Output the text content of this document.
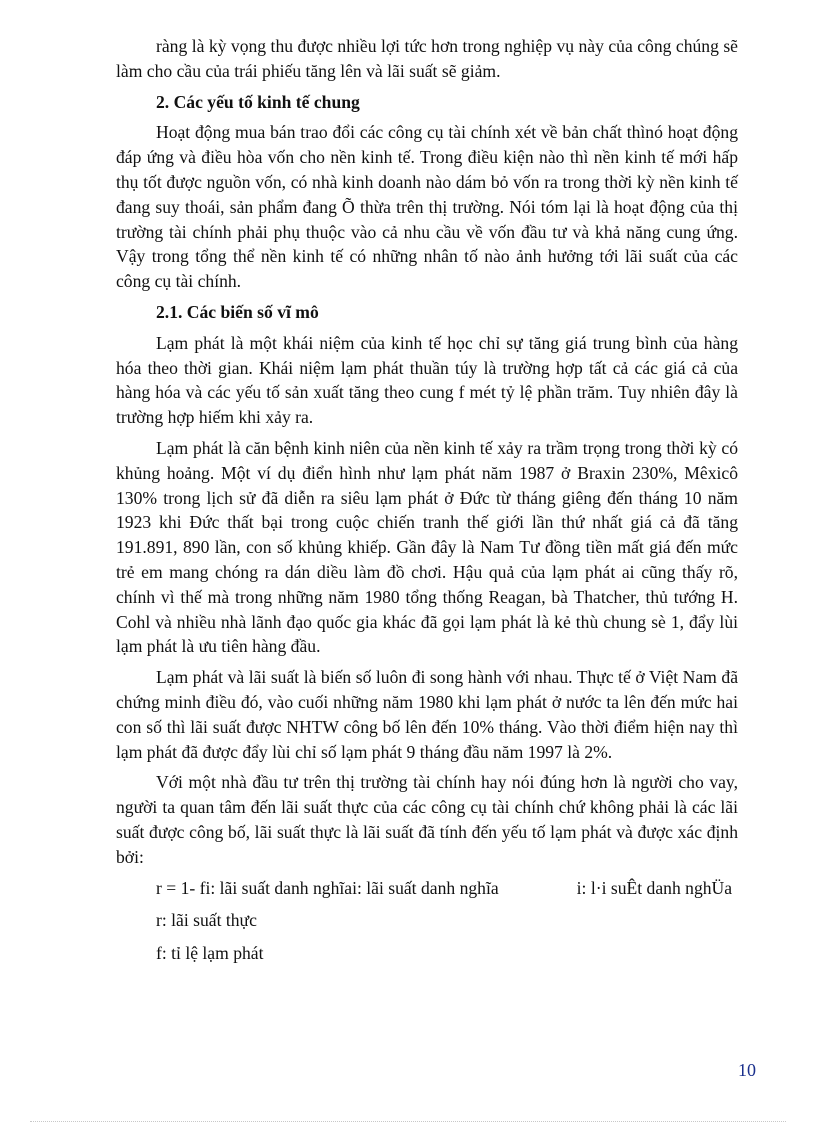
ràng là kỳ vọng thu được nhiều lợi tức hơn trong nghiệp vụ này của công chúng sẽ làm cho cầu của trái phiếu tăng lên và lãi suất sẽ giảm.

2. Các yếu tố kinh tế chung

Hoạt động mua bán trao đổi các công cụ tài chính xét về bản chất thìnó hoạt động đáp ứng và điều hòa vốn cho nền kinh tế. Trong điều kiện nào thì nền kinh tế mới hấp thụ tốt được nguồn vốn, có nhà kinh doanh nào dám bỏ vốn ra trong thời kỳ nền kinh tế đang suy thoái, sản phẩm đang Õ thừa trên thị trường. Nói tóm lại là hoạt động của thị trường tài chính phải phụ thuộc vào cả nhu cầu về vốn đầu tư và khả năng cung ứng. Vậy trong tổng thể nền kinh tế có những nhân tố nào ảnh hưởng tới lãi suất của các công cụ tài chính.

2.1. Các biến số vĩ mô

Lạm phát là một khái niệm của kinh tế học chỉ sự tăng giá trung bình của hàng hóa theo thời gian. Khái niệm lạm phát thuần túy là trường hợp tất cả các giá cả của hàng hóa và các yếu tố sản xuất tăng theo cung f mét tỷ lệ phần trăm. Tuy nhiên đây là trường hợp hiếm khi xảy ra.

Lạm phát là căn bệnh kinh niên của nền kinh tế xảy ra trầm trọng trong thời kỳ có khủng hoảng. Một ví dụ điển hình như lạm phát năm 1987 ở Braxin 230%, Mêxicô 130% trong lịch sử đã diễn ra siêu lạm phát ở Đức từ tháng giêng đến tháng 10 năm 1923 khi Đức thất bại trong cuộc chiến tranh thế giới lần thứ nhất giá cả đã tăng 191.891, 890 lần, con số khủng khiếp. Gần đây là Nam Tư đồng tiền mất giá đến mức trẻ em mang chóng ra dán diều làm đồ chơi. Hậu quả của lạm phát ai cũng thấy rõ, chính vì thế mà trong những năm 1980 tổng thống Reagan, bà Thatcher, thủ tướng H. Cohl và nhiều nhà lãnh đạo quốc gia khác đã gọi lạm phát là kẻ thù chung sè 1, đẩy lùi lạm phát là ưu tiên hàng đầu.

Lạm phát và lãi suất là biến số luôn đi song hành với nhau. Thực tế ở Việt Nam đã chứng minh điều đó, vào cuối những năm 1980 khi lạm phát ở nước ta lên đến mức hai con số thì lãi suất được NHTW công bố lên đến 10% tháng. Vào thời điểm hiện nay thì lạm phát đã được đẩy lùi chỉ số lạm phát 9 tháng đầu năm 1997 là 2%.

Với một nhà đầu tư trên thị trường tài chính hay nói đúng hơn là người cho vay, người ta quan tâm đến lãi suất thực của các công cụ tài chính chứ không phải là các lãi suất được công bố, lãi suất thực là lãi suất đã tính đến yếu tố lạm phát và được xác định bởi:

r = 1- fi: lãi suất danh nghĩai: lãi suất danh nghĩa	i: l·i suÊt danh nghÜa

r: lãi suất thực

f: tỉ lệ lạm phát

10
